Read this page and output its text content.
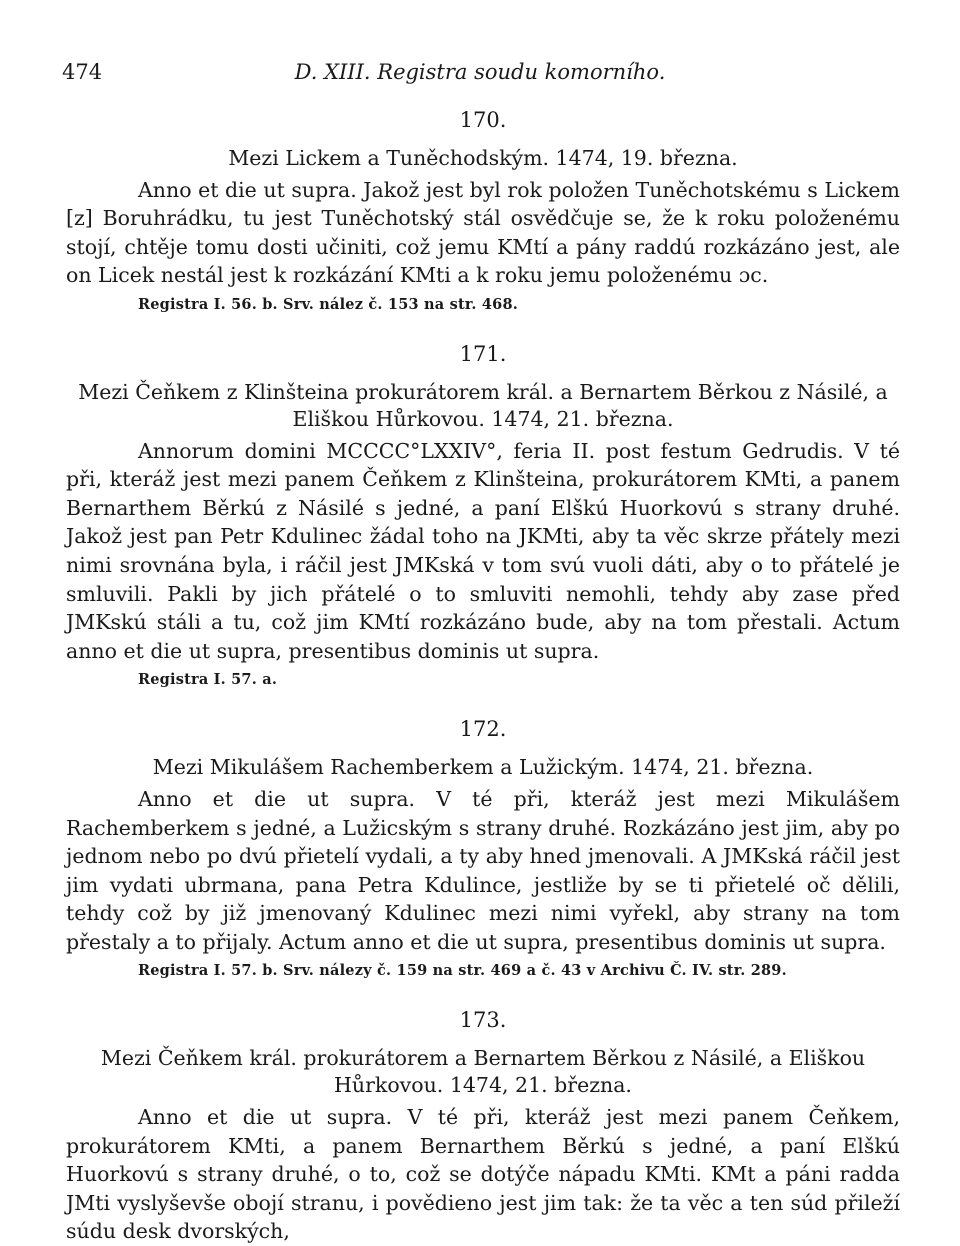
474	D. XIII. Registra soudu komorního.
170.
Mezi Lickem a Tuněchodským. 1474, 19. března.

Anno et die ut supra. Jakož jest byl rok položen Tuněchotskému s Lickem [z] Boruhrádku, tu jest Tuněchotský stál osvědčuje se, že k roku položenému stojí, chtěje tomu dosti učiniti, což jemu KMtí a pány raddú rozkázáno jest, ale on Licek nestál jest k rozkázání KMti a k roku jemu položenému ɔc.

Registra I. 56. b. Srv. nález č. 153 na str. 468.
171.
Mezi Čeňkem z Klinšteina prokurátorem král. a Bernartem Běrkou z Násilé, a Eliškou Hůrkovou. 1474, 21. března.

Annorum domini MCCCC°LXXIV°, feria II. post festum Gedrudis. V té při, kteráž jest mezi panem Čeňkem z Klinšteina, prokurátorem KMti, a panem Bernarthem Běrkú z Násilé s jedné, a paní Elškú Huorkovú s strany druhé. Jakož jest pan Petr Kdulinec žádal toho na JKMti, aby ta věc skrze přátely mezi nimi srovnána byla, i ráčil jest JMKská v tom svú vuoli dáti, aby o to přátelé je smluvili. Pakli by jich přátelé o to smluviti nemohli, tehdy aby zase před JMKskú stáli a tu, což jim KMtí rozkázáno bude, aby na tom přestali. Actum anno et die ut supra, presentibus dominis ut supra.

Registra I. 57. a.
172.
Mezi Mikulášem Rachemberkem a Lužickým. 1474, 21. března.

Anno et die ut supra. V té při, kteráž jest mezi Mikulášem Rachemberkem s jedné, a Lužicským s strany druhé. Rozkázáno jest jim, aby po jednom nebo po dvú přietelí vydali, a ty aby hned jmenovali. A JMKská ráčil jest jim vydati ubrmana, pana Petra Kdulince, jestliže by se ti přietelé oč dělili, tehdy což by již jmenovaný Kdulinec mezi nimi vyřekl, aby strany na tom přestaly a to přijaly. Actum anno et die ut supra, presentibus dominis ut supra.

Registra I. 57. b. Srv. nálezy č. 159 na str. 469 a č. 43 v Archivu Č. IV. str. 289.
173.
Mezi Čeňkem král. prokurátorem a Bernartem Běrkou z Násilé, a Eliškou Hůrkovou. 1474, 21. března.

Anno et die ut supra. V té při, kteráž jest mezi panem Čeňkem, prokurátorem KMti, a panem Bernarthem Běrkú s jedné, a paní Elškú Huorkovú s strany druhé, o to, což se dotýče nápadu KMti. KMt a páni radda JMti vyslyševše obojí stranu, i povědieno jest jim tak: že ta věc a ten súd přileží súdu desk dvorských,
